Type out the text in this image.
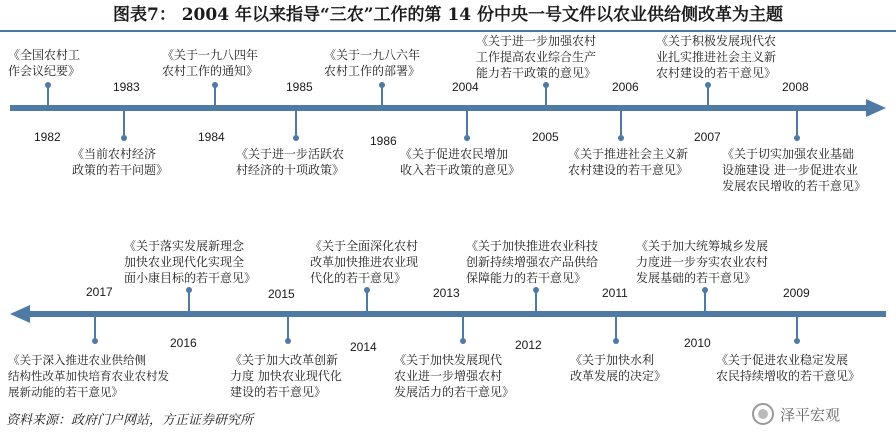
图表7： 2004 年以来指导“三农”工作的第 14 份中央一号文件以农业供给侧改革为主题
《全国农村工
作会议纪要》
1982
《当前农村经济
政策的若干问题》
1983
《关于一九八四年
农村工作的通知》
1984
《关于进一步活跃农
村经济的十项政策》
1985
《关于一九八六年
农村工作的部署》
1986
《关于促进农民增加
收入若干政策的意见》
2004
《关于进一步加强农村
工作提高农业综合生产
能力若干政策的意见》
2005
《关于推进社会主义新
农村建设的若干意见》
2006
《关于积极发展现代农
业扎实推进社会主义新
农村建设的若干意见》
2007
《关于切实加强农业基础
设施建设 进一步促进农业
发展农民增收的若干意见》
2008
《关于促进农业稳定发展
农民持续增收的若干意见》
2009
《关于加大统筹城乡发展
力度进一步夯实农业农村
发展基础的若干意见》
2010
《关于加快水利
改革发展的决定》
2011
《关于加快推进农业科技
创新持续增强农产品供给
保障能力的若干意见》
2012
《关于加快发展现代
农业进一步增强农村
发展活力的若干意见》
2013
《关于全面深化农村
改革加快推进农业现
代化的若干意见》
2014
《关于加大改革创新
力度 加快农业现代化
建设的若干意见》
2015
《关于落实发展新理念
加快农业现代化实现全
面小康目标的若干意见》
2016
《关于深入推进农业供给侧
结构性改革加快培育农业农村发
展新动能的若干意见》
2017
资料来源：政府门户网站，方正证券研究所	泽平宏观
